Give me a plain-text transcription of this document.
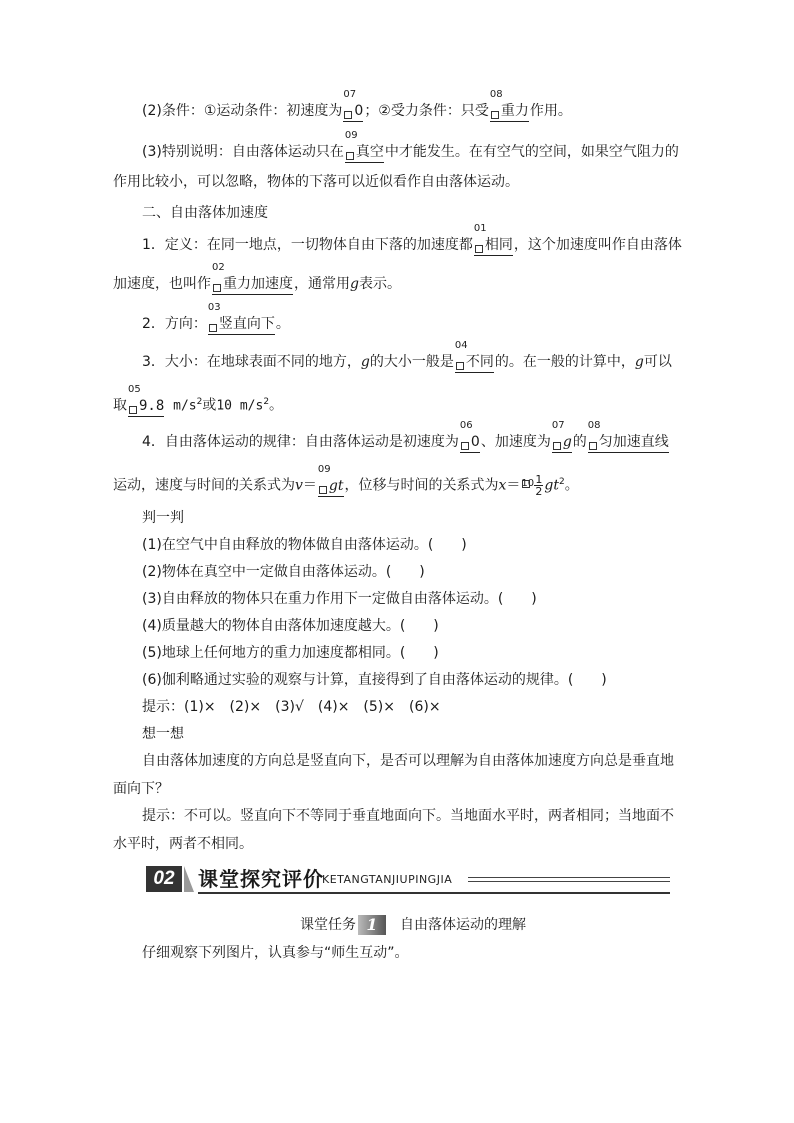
(2)条件：①运动条件：初速度为
07
0；②受力条件：只受
08
重力作用。
(3)特别说明：自由落体运动只在
09
真空中才能发生。在有空气的空间，如果空气阻力的
作用比较小，可以忽略，物体的下落可以近似看作自由落体运动。
二、自由落体加速度
1．定义：在同一地点，一切物体自由下落的加速度都
01
相同，这个加速度叫作自由落体
加速度，也叫作
02
重力加速度，通常用g表示。
2．方向：
03
竖直向下。
3．大小：在地球表面不同的地方，g的大小一般是
04
不同的。在一般的计算中，g可以
取
05
9.8 $m/s^2$或10 $m/s^2$。
4．自由落体运动的规律：自由落体运动是初速度为
06
0、加速度为
07
g的
08
匀加速直线
运动，速度与时间的关系式为v＝
09
gt，位移与时间的关系式为$x= 10 \frac{1}{2} gt^2$。
判一判
(1)在空气中自由释放的物体做自由落体运动。(　　)
(2)物体在真空中一定做自由落体运动。(　　)
(3)自由释放的物体只在重力作用下一定做自由落体运动。(　　)
(4)质量越大的物体自由落体加速度越大。(　　)
(5)地球上任何地方的重力加速度都相同。(　　)
(6)伽利略通过实验的观察与计算，直接得到了自由落体运动的规律。(　　)
提示：(1)×　(2)×　(3)√　(4)×　(5)×　(6)×
想一想
自由落体加速度的方向总是竖直向下，是否可以理解为自由落体加速度方向总是垂直地
面向下？
提示：不可以。竖直向下不等同于垂直地面向下。当地面水平时，两者相同；当地面不
水平时，两者不相同。
02	课堂探究评价
KETANGTANJIUPINGJIA
课堂任务 1 自由落体运动的理解
仔细观察下列图片，认真参与“师生互动”。
